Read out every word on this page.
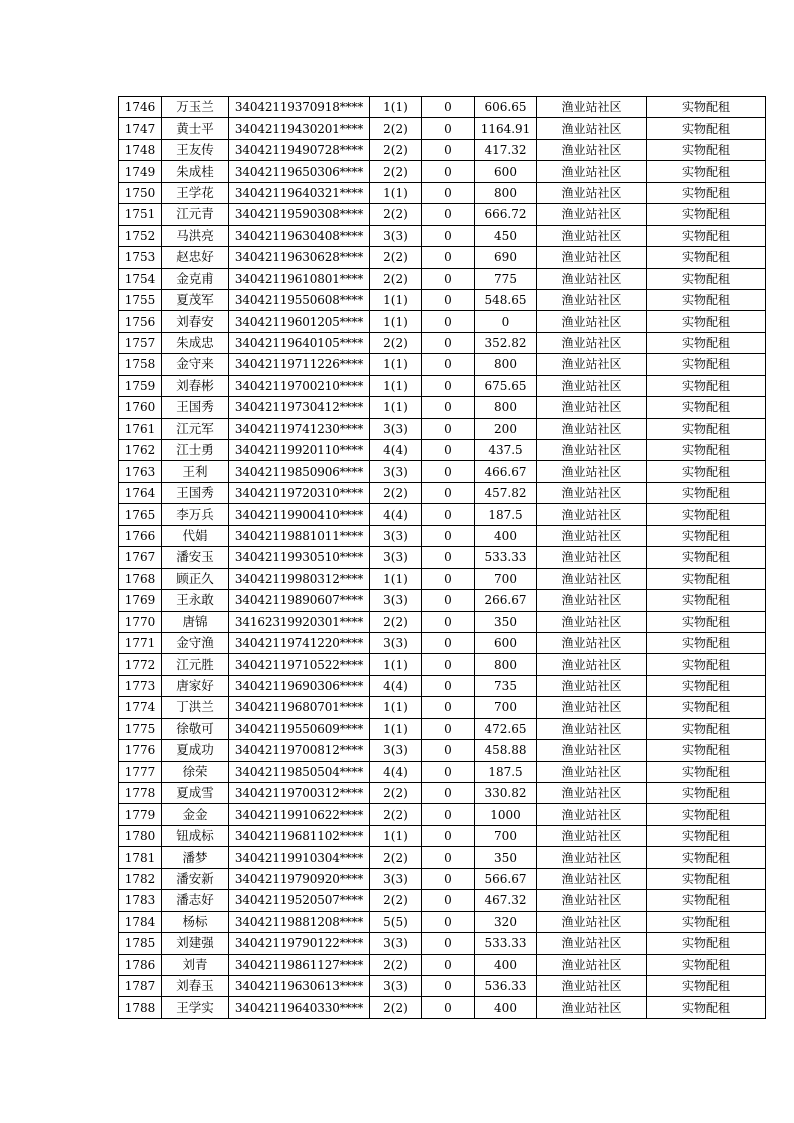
1746	万玉兰	34042119370918****	1(1)	0	606.65	渔业站社区	实物配租
1747	黄士平	34042119430201****	2(2)	0	1164.91	渔业站社区	实物配租
1748	王友传	34042119490728****	2(2)	0	417.32	渔业站社区	实物配租
1749	朱成桂	34042119650306****	2(2)	0	600	渔业站社区	实物配租
1750	王学花	34042119640321****	1(1)	0	800	渔业站社区	实物配租
1751	江元青	34042119590308****	2(2)	0	666.72	渔业站社区	实物配租
1752	马洪亮	34042119630408****	3(3)	0	450	渔业站社区	实物配租
1753	赵忠好	34042119630628****	2(2)	0	690	渔业站社区	实物配租
1754	金克甫	34042119610801****	2(2)	0	775	渔业站社区	实物配租
1755	夏茂军	34042119550608****	1(1)	0	548.65	渔业站社区	实物配租
1756	刘春安	34042119601205****	1(1)	0	0	渔业站社区	实物配租
1757	朱成忠	34042119640105****	2(2)	0	352.82	渔业站社区	实物配租
1758	金守来	34042119711226****	1(1)	0	800	渔业站社区	实物配租
1759	刘春彬	34042119700210****	1(1)	0	675.65	渔业站社区	实物配租
1760	王国秀	34042119730412****	1(1)	0	800	渔业站社区	实物配租
1761	江元军	34042119741230****	3(3)	0	200	渔业站社区	实物配租
1762	江士勇	34042119920110****	4(4)	0	437.5	渔业站社区	实物配租
1763	王利	34042119850906****	3(3)	0	466.67	渔业站社区	实物配租
1764	王国秀	34042119720310****	2(2)	0	457.82	渔业站社区	实物配租
1765	李万兵	34042119900410****	4(4)	0	187.5	渔业站社区	实物配租
1766	代娟	34042119881011****	3(3)	0	400	渔业站社区	实物配租
1767	潘安玉	34042119930510****	3(3)	0	533.33	渔业站社区	实物配租
1768	顾正久	34042119980312****	1(1)	0	700	渔业站社区	实物配租
1769	王永敢	34042119890607****	3(3)	0	266.67	渔业站社区	实物配租
1770	唐锦	34162319920301****	2(2)	0	350	渔业站社区	实物配租
1771	金守渔	34042119741220****	3(3)	0	600	渔业站社区	实物配租
1772	江元胜	34042119710522****	1(1)	0	800	渔业站社区	实物配租
1773	唐家好	34042119690306****	4(4)	0	735	渔业站社区	实物配租
1774	丁洪兰	34042119680701****	1(1)	0	700	渔业站社区	实物配租
1775	徐敬可	34042119550609****	1(1)	0	472.65	渔业站社区	实物配租
1776	夏成功	34042119700812****	3(3)	0	458.88	渔业站社区	实物配租
1777	徐荣	34042119850504****	4(4)	0	187.5	渔业站社区	实物配租
1778	夏成雪	34042119700312****	2(2)	0	330.82	渔业站社区	实物配租
1779	金金	34042119910622****	2(2)	0	1000	渔业站社区	实物配租
1780	钮成标	34042119681102****	1(1)	0	700	渔业站社区	实物配租
1781	潘梦	34042119910304****	2(2)	0	350	渔业站社区	实物配租
1782	潘安新	34042119790920****	3(3)	0	566.67	渔业站社区	实物配租
1783	潘志好	34042119520507****	2(2)	0	467.32	渔业站社区	实物配租
1784	杨标	34042119881208****	5(5)	0	320	渔业站社区	实物配租
1785	刘建强	34042119790122****	3(3)	0	533.33	渔业站社区	实物配租
1786	刘青	34042119861127****	2(2)	0	400	渔业站社区	实物配租
1787	刘春玉	34042119630613****	3(3)	0	536.33	渔业站社区	实物配租
1788	王学实	34042119640330****	2(2)	0	400	渔业站社区	实物配租
